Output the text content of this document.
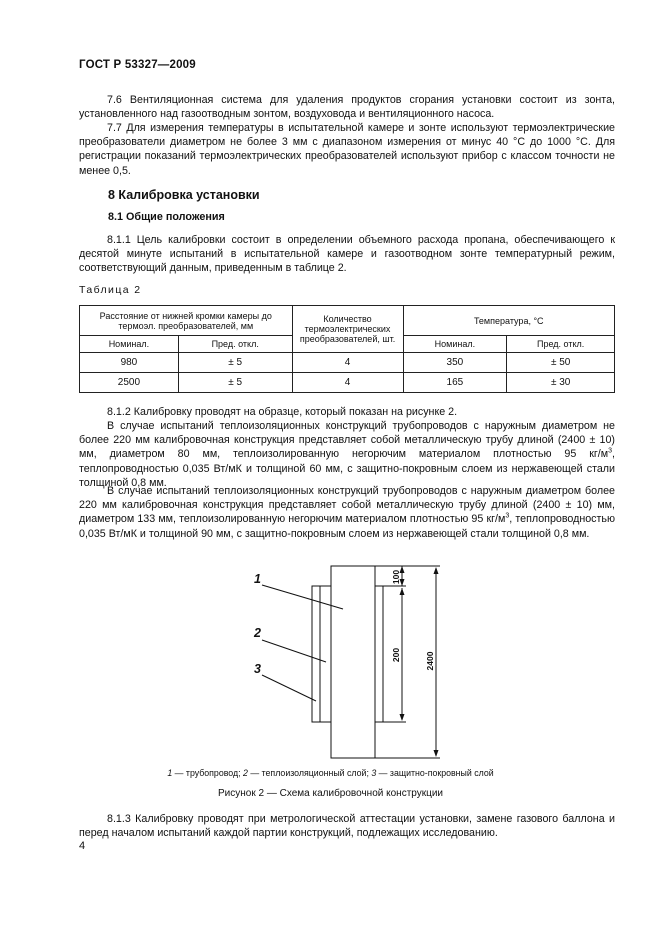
ГОСТ Р 53327—2009
7.6 Вентиляционная система для удаления продуктов сгорания установки состоит из зонта, установленного над газоотводным зонтом, воздуховода и вентиляционного насоса.
7.7 Для измерения температуры в испытательной камере и зонте используют термоэлектрические преобразователи диаметром не более 3 мм с диапазоном измерения от минус 40 °С до 1000 °С. Для регистрации показаний термоэлектрических преобразователей используют прибор с классом точности не менее 0,5.
8 Калибровка установки
8.1 Общие положения
8.1.1 Цель калибровки состоит в определении объемного расхода пропана, обеспечивающего к десятой минуте испытаний в испытательной камере и газоотводном зонте температурный режим, соответствующий данным, приведенным в таблице 2.
Таблица 2
Расстояние от нижней кромки камеры до термоэл. преобразователей, мм		Количество термоэлектрических преобразователей, шт.	Температура, °С	
Номинал.	Пред. откл.		Номинал.	Пред. откл.
980	± 5	4	350	± 50
2500	± 5	4	165	± 30
8.1.2 Калибровку проводят на образце, который показан на рисунке 2.
В случае испытаний теплоизоляционных конструкций трубопроводов с наружным диаметром не более 220 мм калибровочная конструкция представляет собой металлическую трубу длиной (2400 ± 10) мм, диаметром 80 мм, теплоизолированную негорючим материалом плотностью 95 $кг/м^3$, теплопроводностью 0,035 Вт/мК и толщиной 60 мм, с защитно-покровным слоем из нержавеющей стали толщиной 0,8 мм.
В случае испытаний теплоизоляционных конструкций трубопроводов с наружным диаметром более 220 мм калибровочная конструкция представляет собой металлическую трубу длиной (2400 ± 10) мм, диаметром 133 мм, теплоизолированную негорючим материалом плотностью 95 $кг/м^3$, теплопроводностью 0,035 Вт/мК и толщиной 90 мм, с защитно-покровным слоем из нержавеющей стали толщиной 0,8 мм.
1
2
3
100
200	2400
1 — трубопровод; 2 — теплоизоляционный слой; 3 — защитно-покровный слой
Рисунок 2 — Схема калибровочной конструкции
8.1.3 Калибровку проводят при метрологической аттестации установки, замене газового баллона и перед началом испытаний каждой партии конструкций, подлежащих исследованию.
4
